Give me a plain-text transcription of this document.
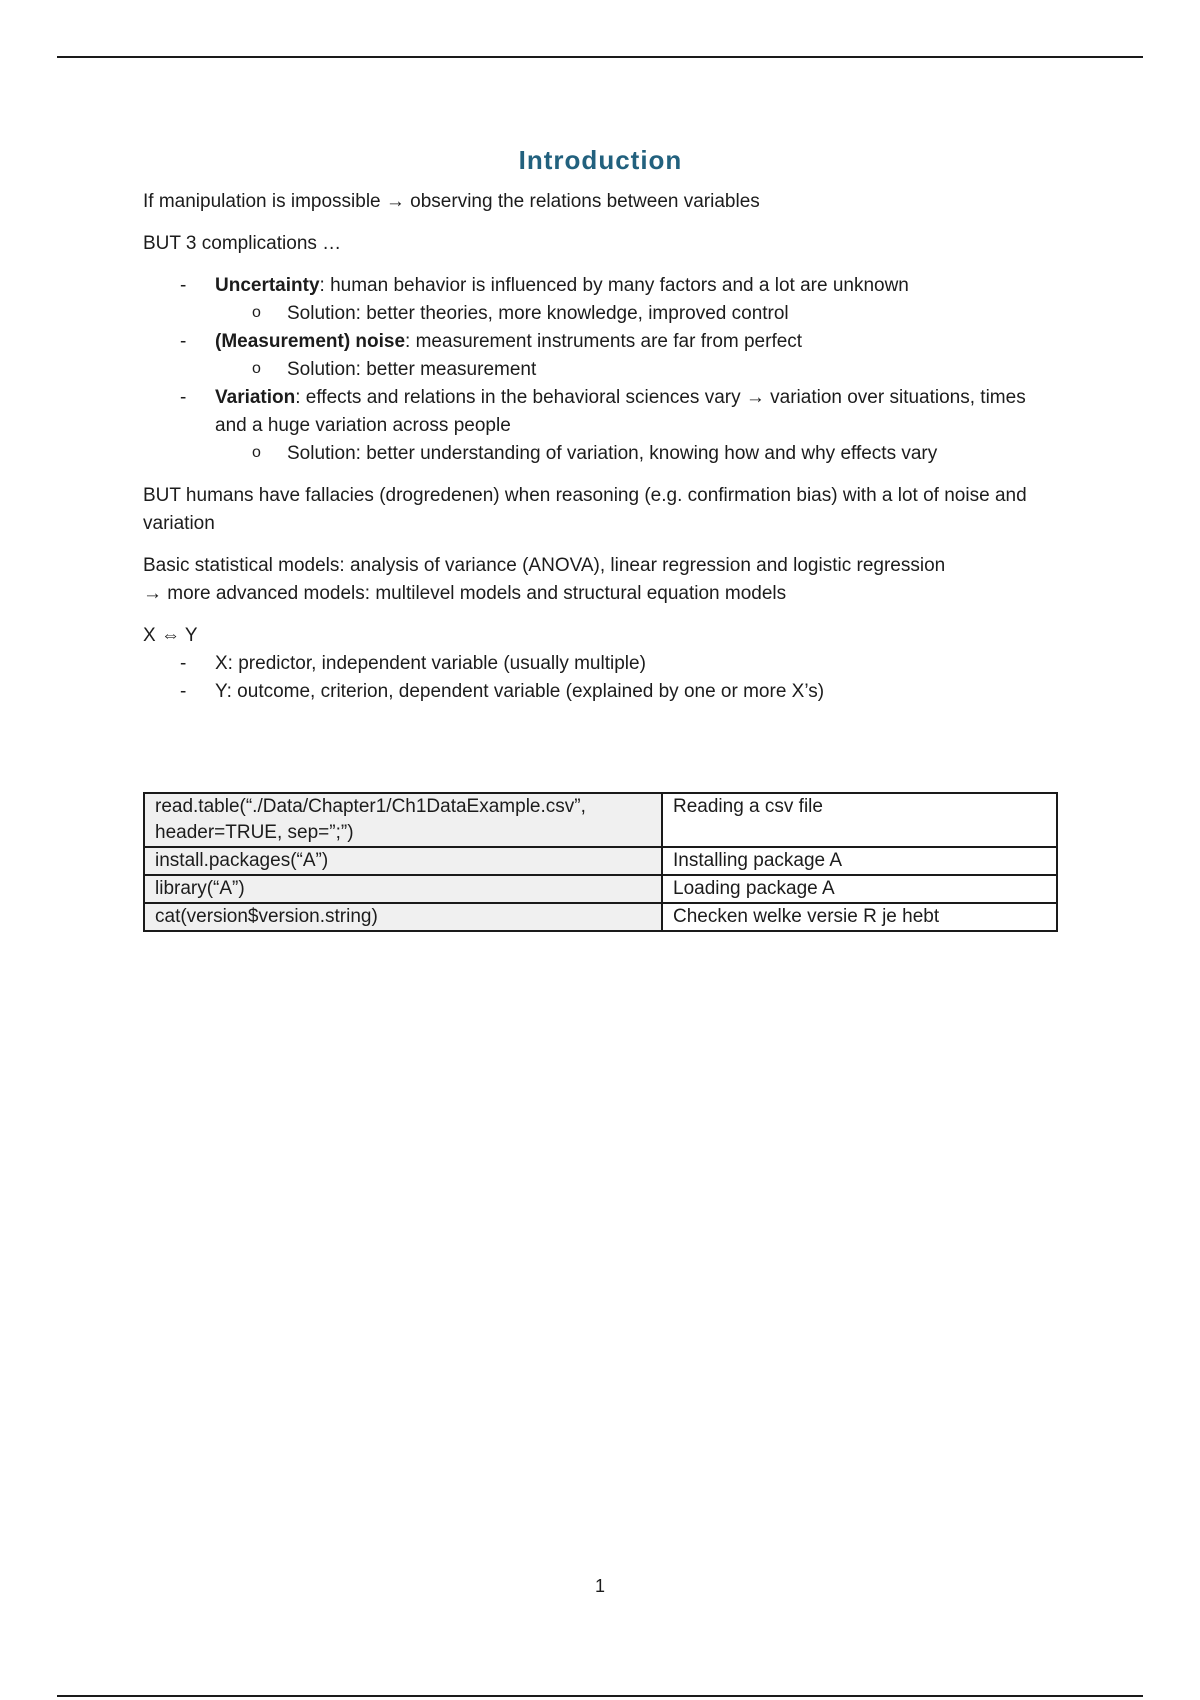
Introduction

If manipulation is impossible → observing the relations between variables

BUT 3 complications …

- Uncertainty: human behavior is influenced by many factors and a lot are unknown
o Solution: better theories, more knowledge, improved control
- (Measurement) noise: measurement instruments are far from perfect
o Solution: better measurement
- Variation: effects and relations in the behavioral sciences vary → variation over situations, times and a huge variation across people
o Solution: better understanding of variation, knowing how and why effects vary

BUT humans have fallacies (drogredenen) when reasoning (e.g. confirmation bias) with a lot of noise and variation

Basic statistical models: analysis of variance (ANOVA), linear regression and logistic regression
→ more advanced models: multilevel models and structural equation models

X ⇔ Y

- X: predictor, independent variable (usually multiple)
- Y: outcome, criterion, dependent variable (explained by one or more X’s)
read.table(“./Data/Chapter1/Ch1DataExample.csv”, header=TRUE, sep=”;”)	Reading a csv file
install.packages(“A”)	Installing package A
library(“A”)	Loading package A
cat(version$version.string)	Checken welke versie R je hebt
1
